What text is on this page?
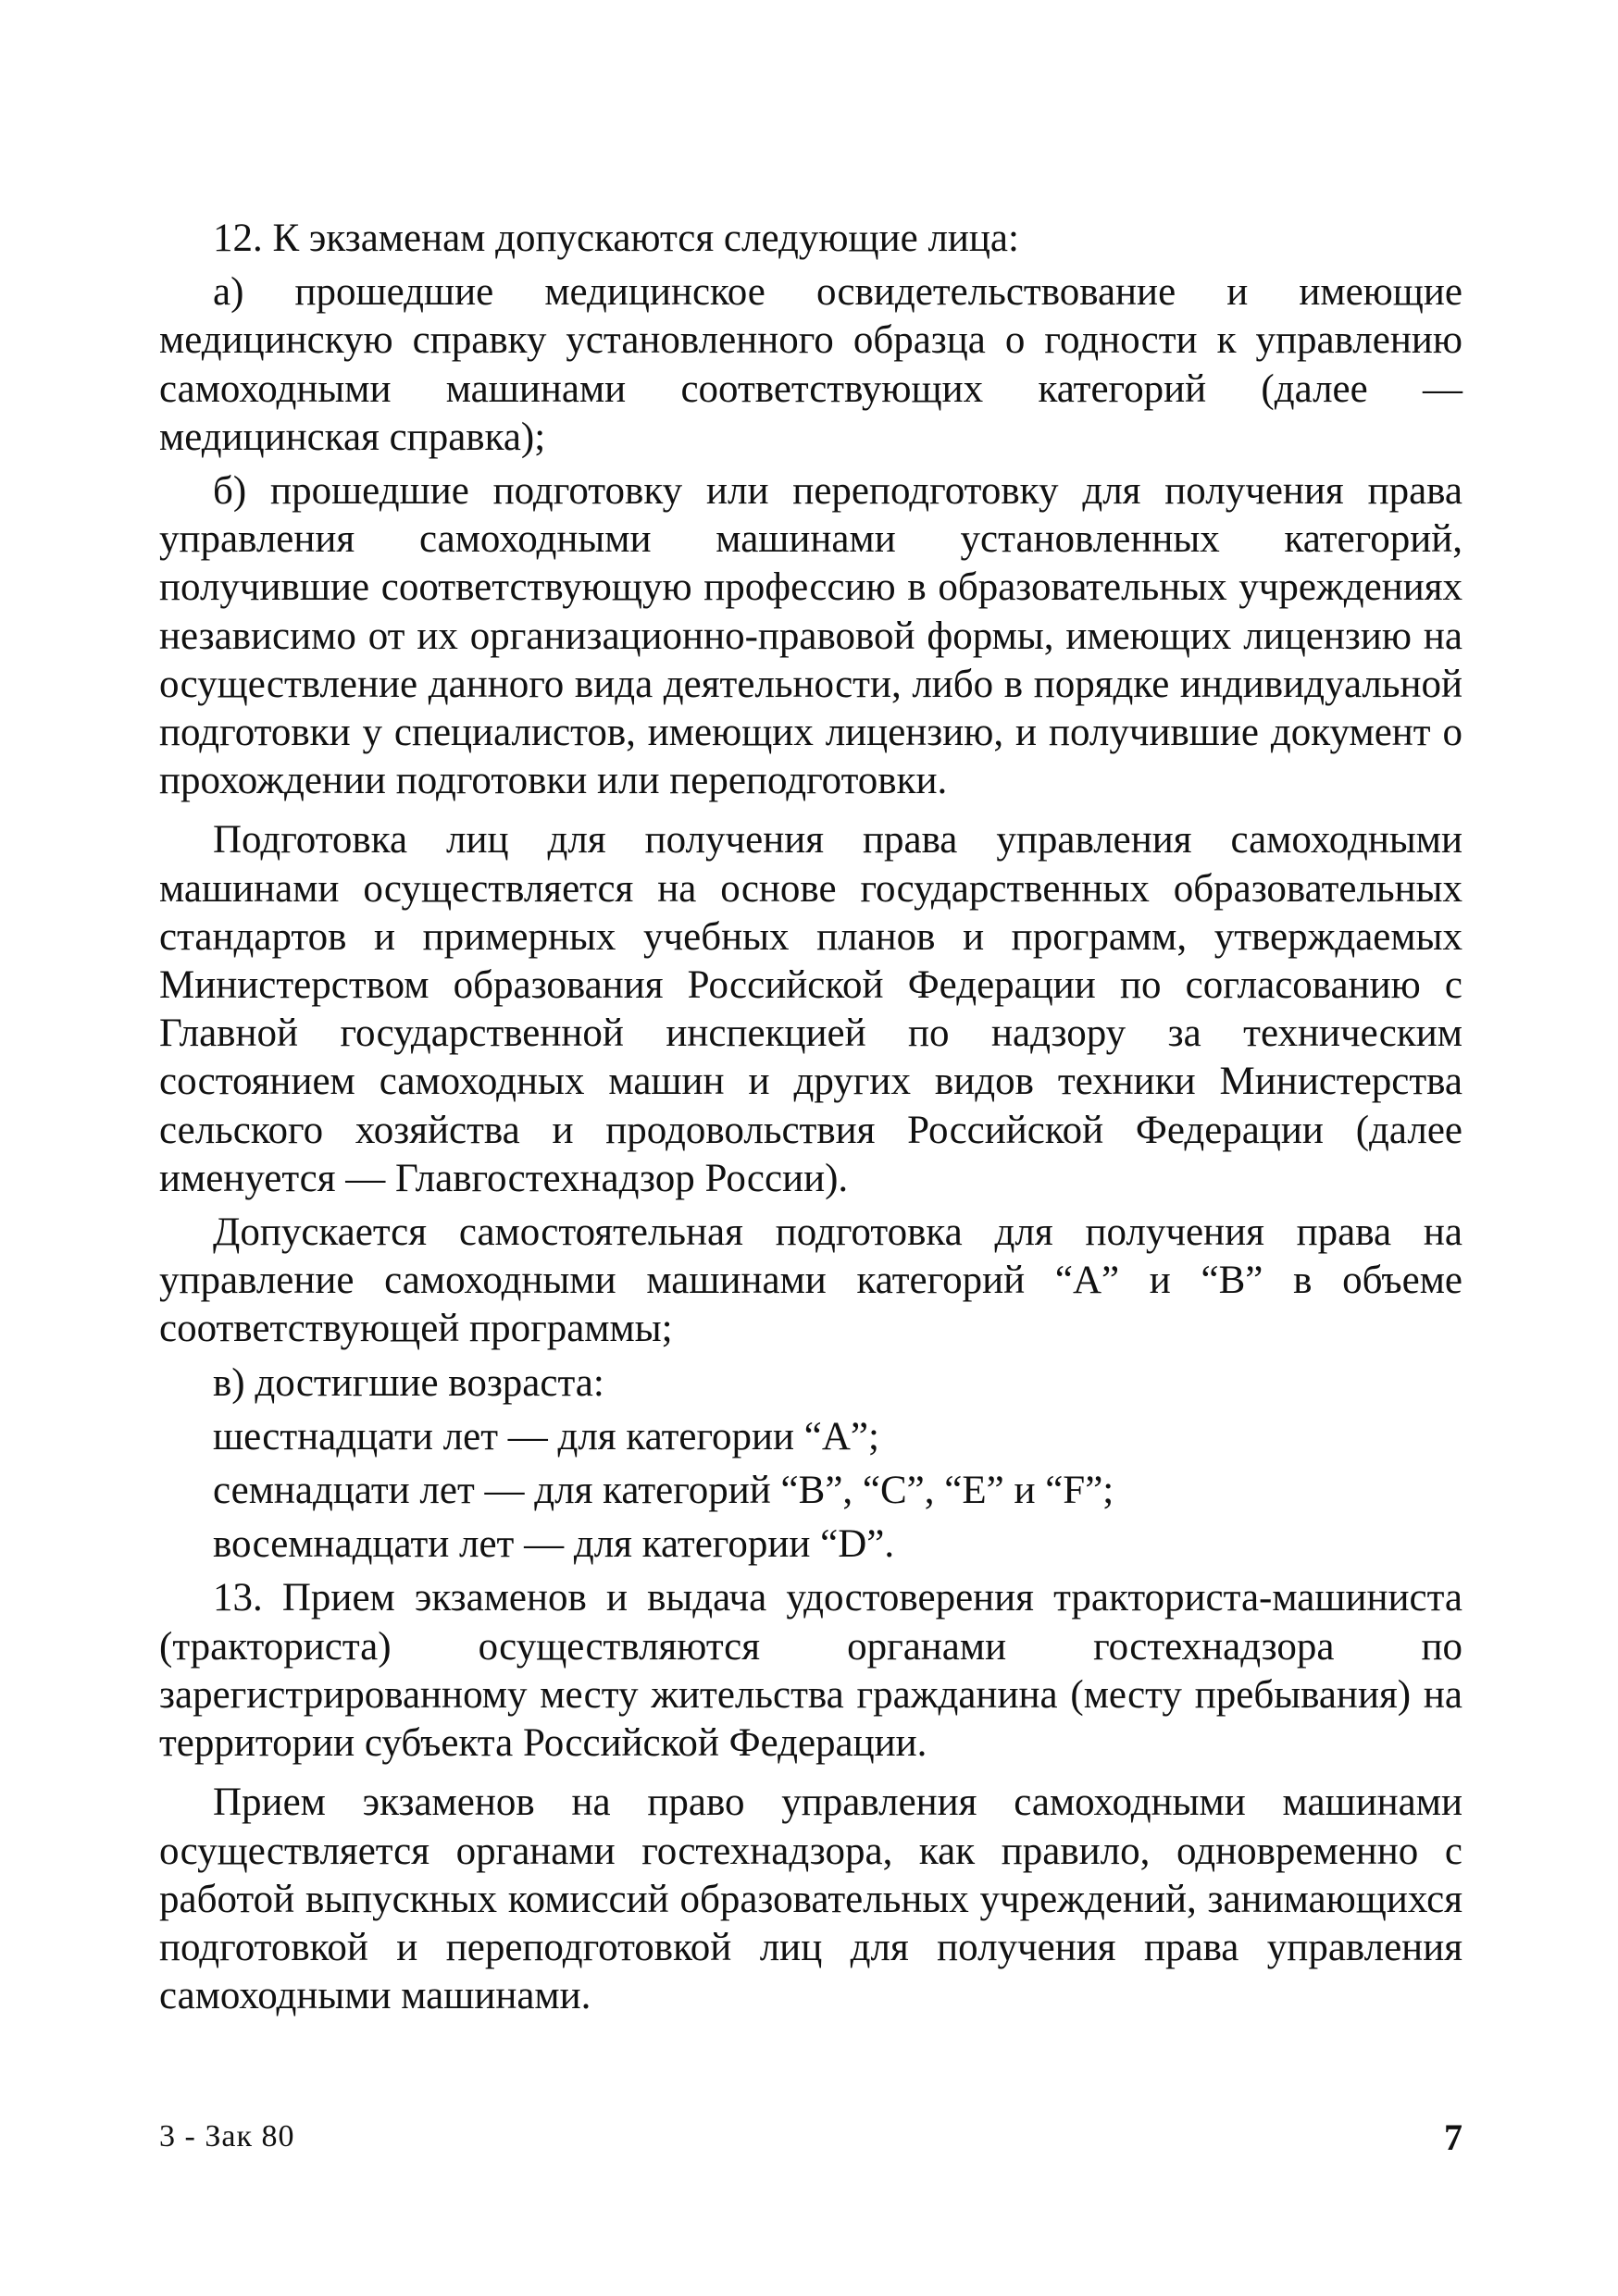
12. К экзаменам допускаются следующие лица:

а) прошедшие медицинское освидетельствование и имеющие медицинскую справку установленного образца о годности к управлению самоходными машинами соответствующих категорий (далее — медицинская справка);

б) прошедшие подготовку или переподготовку для получения права управления самоходными машинами установленных категорий, получившие соответствующую профессию в образовательных учреждениях независимо от их организационно-правовой формы, имеющих лицензию на осуществление данного вида деятельности, либо в порядке индивидуальной подготовки у специалистов, имеющих лицензию, и получившие документ о прохождении подготовки или переподготовки.

Подготовка лиц для получения права управления самоходными машинами осуществляется на основе государственных образовательных стандартов и примерных учебных планов и программ, утверждаемых Министерством образования Российской Федерации по согласованию с Главной государственной инспекцией по надзору за техническим состоянием самоходных машин и других видов техники Министерства сельского хозяйства и продовольствия Российской Федерации (далее именуется — Главгостехнадзор России).

Допускается самостоятельная подготовка для получения права на управление самоходными машинами категорий “A” и “B” в объеме соответствующей программы;

в) достигшие возраста:

шестнадцати лет — для категории “A”;

семнадцати лет — для категорий “B”, “C”, “E” и “F”;

восемнадцати лет — для категории “D”.

13. Прием экзаменов и выдача удостоверения тракториста-машиниста (тракториста) осуществляются органами гостехнадзора по зарегистрированному месту жительства гражданина (месту пребывания) на территории субъекта Российской Федерации.

Прием экзаменов на право управления самоходными машинами осуществляется органами гостехнадзора, как правило, одновременно с работой выпускных комиссий образовательных учреждений, занимающихся подготовкой и переподготовкой лиц для получения права управления самоходными машинами.

3 - Зак 80	7
